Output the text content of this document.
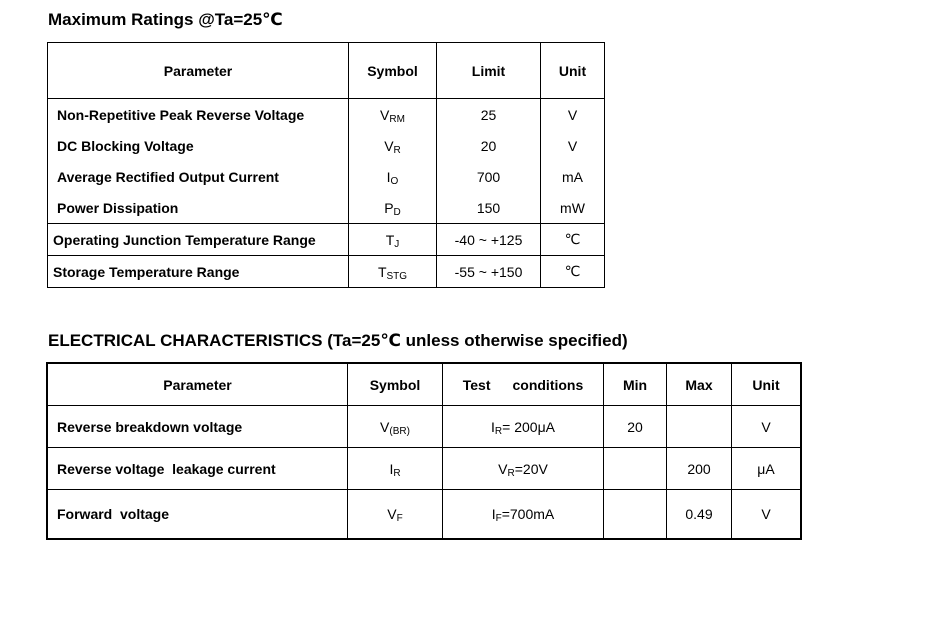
Maximum Ratings @Ta=25℃
Parameter	Symbol	Limit	Unit
Non-Repetitive Peak Reverse Voltage	VRM	25	V
DC Blocking Voltage	VR	20	V
Average Rectified Output Current	IO	700	mA
Power Dissipation	PD	150	mW
Operating Junction Temperature Range	TJ	-40 ~ +125	℃
Storage Temperature Range	TSTG	-55 ~ +150	℃
ELECTRICAL CHARACTERISTICS (Ta=25℃ unless otherwise specified)
Parameter	Symbol	Test conditions	Min	Max	Unit
Reverse breakdown voltage	V(BR)	IR= 200μA	20		V
Reverse voltage  leakage current	IR	VR=20V		200	μA
Forward  voltage	VF	IF=700mA		0.49	V
